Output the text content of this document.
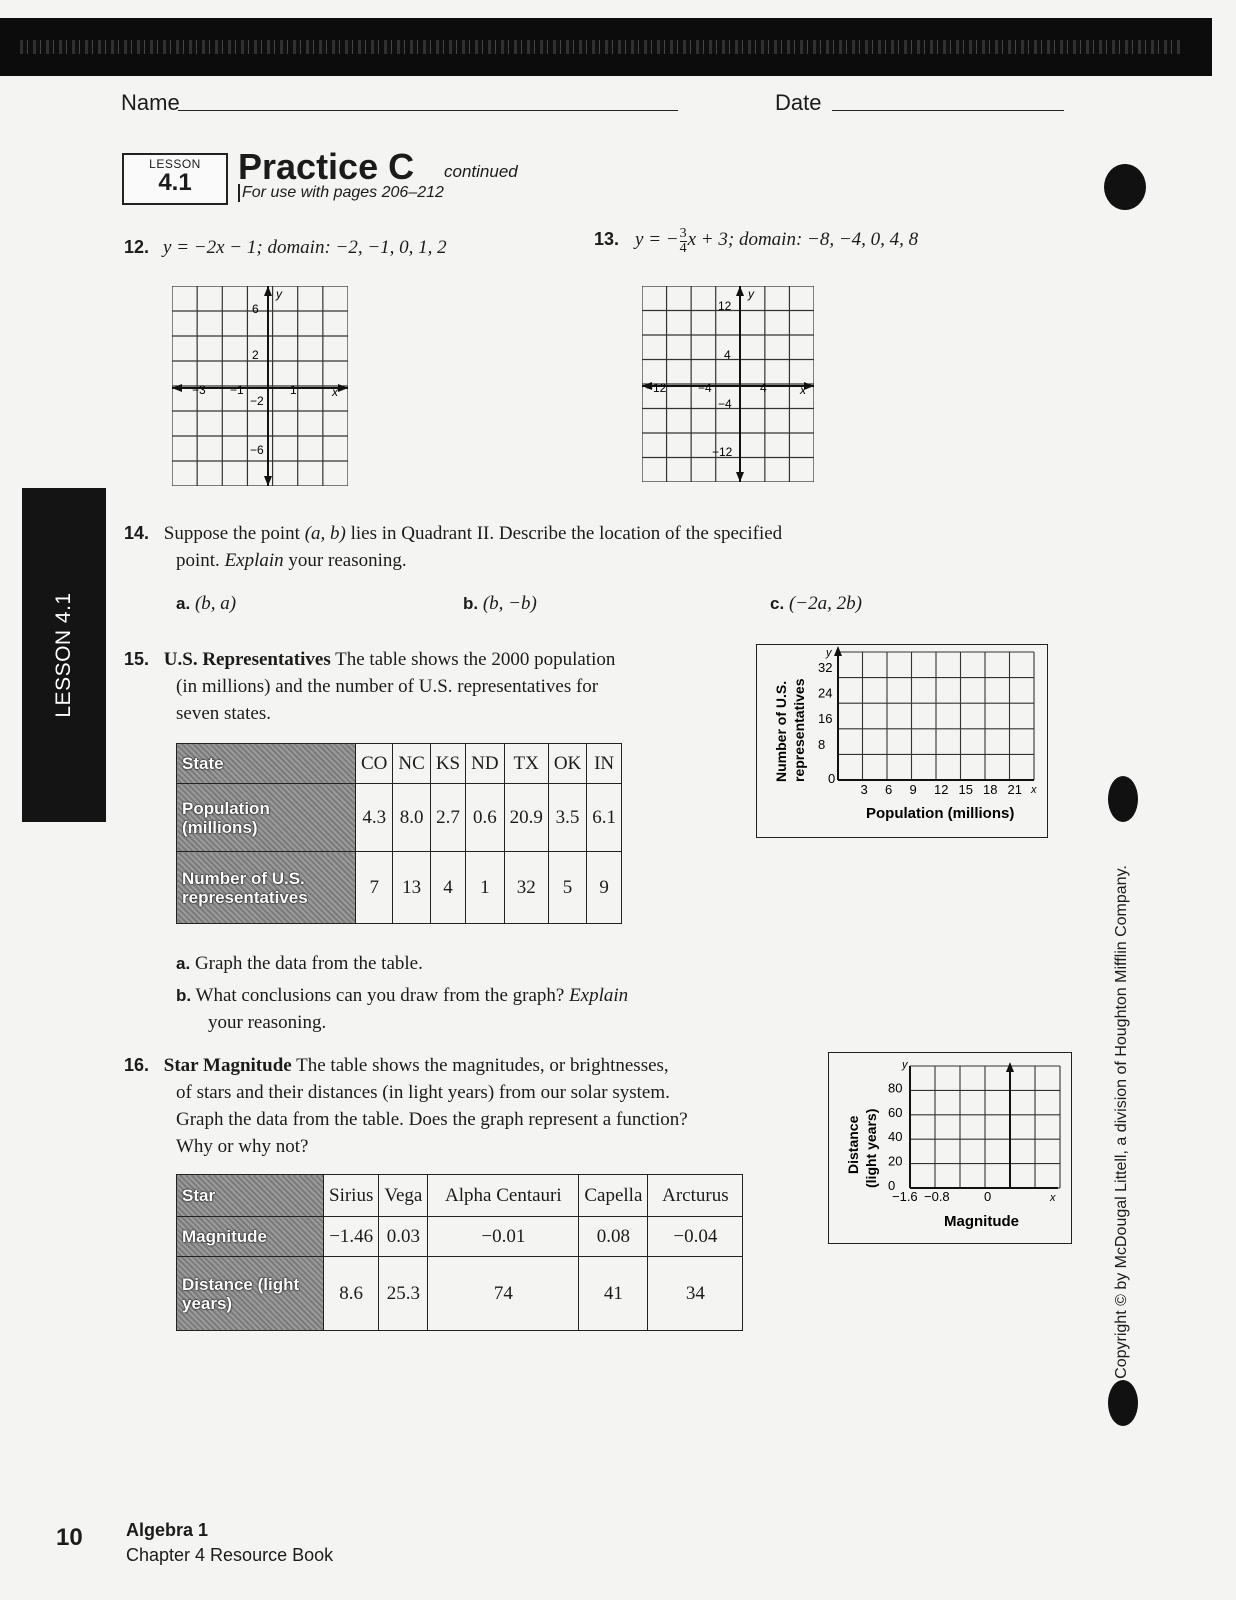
Name	Date
LESSON
4.1	Practice C continued
For use with pages 206–212
12. y = −2x − 1; domain: −2, −1, 0, 1, 2
y
x
−3 −1	1
6
2
−2
−6
13. y = − $\frac{3}{4}$ x + 3; domain: −8, −4, 0, 4, 8
y
x
−12	−4	4
12
4
−4
−12
LESSON 4.1
14. Suppose the point (a, b) lies in Quadrant II. Describe the location of the specified
point. Explain your reasoning.
a. (b, a)	b. (b, −b)	c. (−2a, 2b)
15. U.S. Representatives The table shows the 2000 population
(in millions) and the number of U.S. representatives for
seven states.
State	CO	NC	KS	ND	TX	OK	IN
Population (millions)	4.3	8.0	2.7	0.6	20.9	3.5	6.1
Number of U.S. representatives	7	13	4	1	32	5	9
y
x
3 6 9 12 15 18 21
32
24
16
8
0
Population (millions)
Number of U.S. representatives
a. Graph the data from the table.
b. What conclusions can you draw from the graph? Explain
your reasoning.
16. Star Magnitude The table shows the magnitudes, or brightnesses,
of stars and their distances (in light years) from our solar system.
Graph the data from the table. Does the graph represent a function?
Why or why not?
Star	Sirius	Vega	Alpha Centauri	Capella	Arcturus
Magnitude	−1.46	0.03	−0.01	0.08	−0.04
Distance (light years)	8.6	25.3	74	41	34
y
x
−1.6 −0.8	0
80
60
40
20
0
Magnitude
Distance (light years)	Copyright © by McDougal Littell, a division of Houghton Mifflin Company.
10 Algebra 1
Chapter 4 Resource Book
